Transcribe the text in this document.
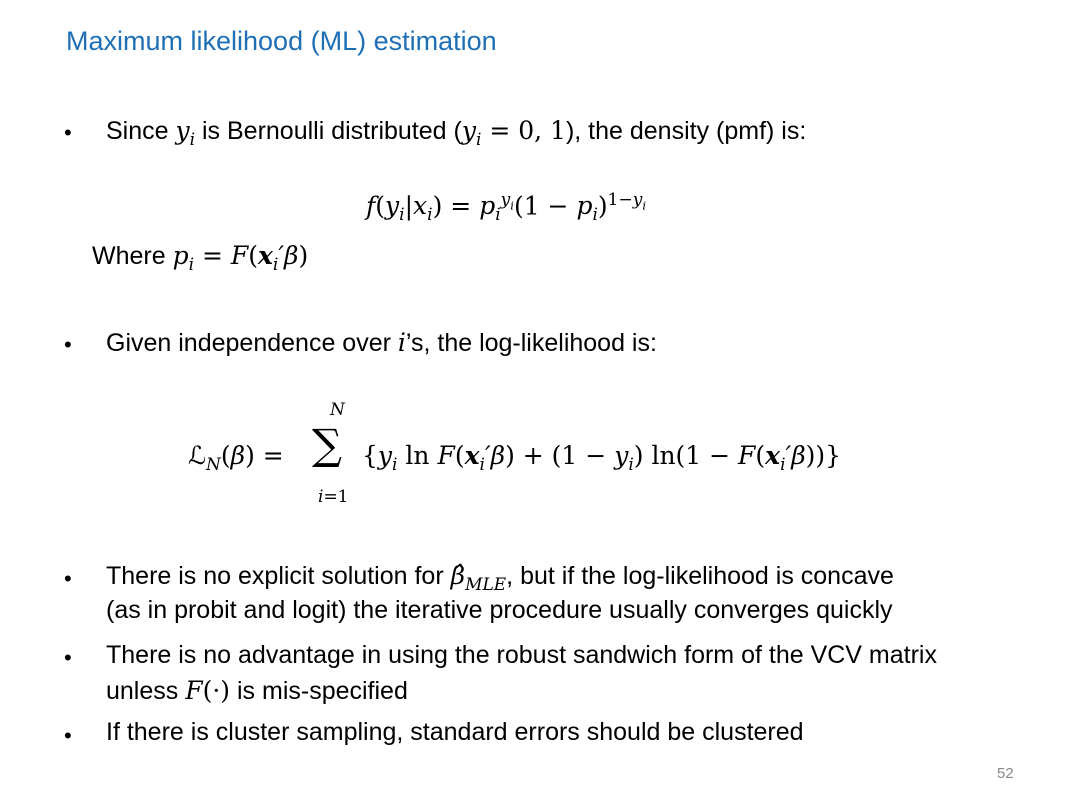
Maximum likelihood (ML) estimation
• Since $y_i$ is Bernoulli distributed ($y_i = 0$, 1), the density (pmf) is:
$f(y_i|x_i) = p_i^{y_i}(1 - p_i)^{1-y_i}$
Where $p_i = F(x_i'\beta)$
• Given independence over i’s, the log-likelihood is:
ℒ$_N$(β) =
N
∑
i=1
{$y_i$ $\ln F(x_i'\beta) + (1 - y_i) \ln(1 - F(x_i'\beta))$}
• There is no explicit solution for $\betâ_{MLE}$, but if the log-likelihood is concave
(as in probit and logit) the iterative procedure usually converges quickly
• There is no advantage in using the robust sandwich form of the VCV matrix
unless F(·) is mis-specified
• If there is cluster sampling, standard errors should be clustered
52
